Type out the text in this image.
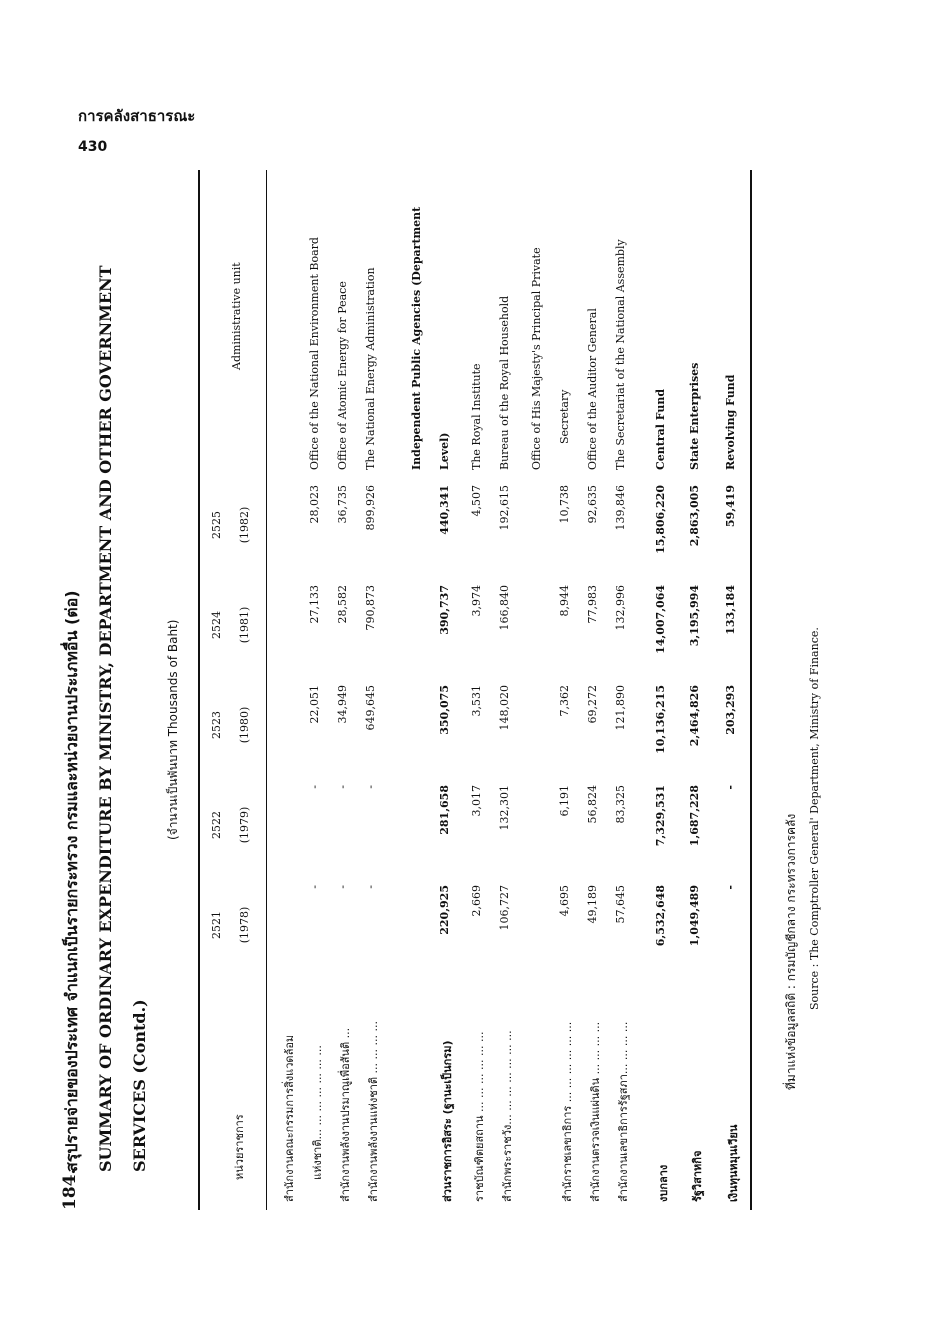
การคลังสาธารณะ
430
184.
สรุปรายจ่ายของประเทศ จำแนกเป็นรายกระทรวง กรมและหน่วยงานประเภทอื่น (ต่อ) SUMMARY OF ORDINARY EXPENDITURE BY MINISTRY, DEPARTMENT AND OTHER GOVERNMENT SERVICES (Contd.)
(จำนวนเป็นพันบาท Thousands of Baht)
หน่วยราชการ
Administrative unit
2521 (1978)
2522 (1979)
2523 (1980)
2524 (1981)
2525 (1982)
สำนักงานคณะกรรมการสิ่งแวดล้อม แห่งชาติ... ... ... ... ... ... ...
-
-
22,051
27,133
28,023
Office of the National Environment Board
สำนักงานพลังงานปรมาณูเพื่อสันติ ...
-
-
34,949
28,582
36,735
Office of Atomic Energy for Peace
สำนักงานพลังงานแห่งชาติ ... ... ... ...
-
-
649,645
790,873
899,926
The National Energy Administration	Independent Public Agencies (Department
ส่วนราชการอิสระ (ฐานะเป็นกรม)
220,925
281,658
350,075
390,737
440,341
Level)
ราชบัณฑิตยสถาน ... ... ... ... ... ...
2,669
3,017
3,531
3,974
4,507
The Royal Institute
สำนักพระราชวัง... ... ... ... ... ... ...
106,727
132,301
148,020
166,840
192,615
Bureau of the Royal Household Office of His Majesty's Principal Private
สำนักราชเลขาธิการ ... ... ... ... ... ...
4,695
6,191
7,362
8,944
10,738
Secretary
สำนักงานตรวจเงินแผ่นดิน ... ... ... ...
49,189
56,824
69,272
77,983
92,635
Office of the Auditor General
สำนักงานเลขาธิการรัฐสภา... ... ... ...
57,645
83,325
121,890
132,996
139,846
The Secretariat of the National Assembly
งบกลาง
6,532,648
7,329,531
10,136,215
14,007,064
15,806,220
Central Fund
รัฐวิสาหกิจ
1,049,489
1,687,228
2,464,826
3,195,994
2,863,005
State Enterprises
เงินทุนหมุนเวียน
-
-
203,293
133,184
59,419
Revolving Fund
ที่มาแห่งข้อมูลสถิติ : กรมบัญชีกลาง กระทรวงการคลัง Source : The Comptroller General' Department, Ministry of Finance.
